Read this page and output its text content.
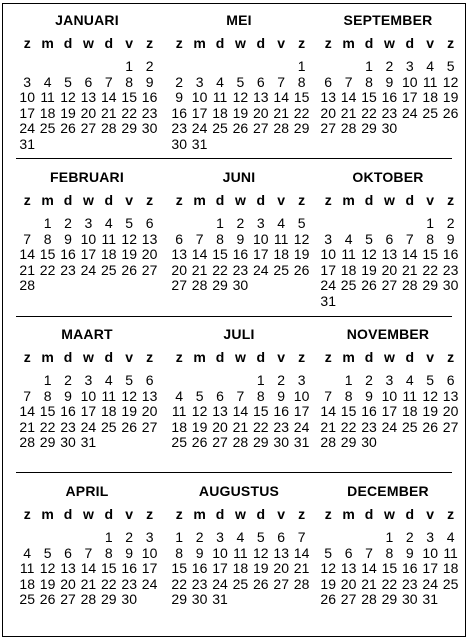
JANUARI
z m d w d v z
1 2
3 4 5 6 7 8 9
10 11 12 13 14 15 16
17 18 19 20 21 22 23
24 25 26 27 28 29 30
31
MEI
z m d w d v z
1
2 3 4 5 6 7 8
9 10 11 12 13 14 15
16 17 18 19 20 21 22
23 24 25 26 27 28 29
30 31
SEPTEMBER
z m d w d v z
1 2 3 4 5
6 7 8 9 10 11 12
13 14 15 16 17 18 19
20 21 22 23 24 25 26
27 28 29 30
FEBRUARI
z m d w d v z
1 2 3 4 5 6
7 8 9 10 11 12 13
14 15 16 17 18 19 20
21 22 23 24 25 26 27
28
JUNI
z m d w d v z
1 2 3 4 5
6 7 8 9 10 11 12
13 14 15 16 17 18 19
20 21 22 23 24 25 26
27 28 29 30
OKTOBER
z m d w d v z
1 2
3 4 5 6 7 8 9
10 11 12 13 14 15 16
17 18 19 20 21 22 23
24 25 26 27 28 29 30
31
MAART
z m d w d v z
1 2 3 4 5 6
7 8 9 10 11 12 13
14 15 16 17 18 19 20
21 22 23 24 25 26 27
28 29 30 31
JULI
z m d w d v z
1 2 3
4 5 6 7 8 9 10
11 12 13 14 15 16 17
18 19 20 21 22 23 24
25 26 27 28 29 30 31
NOVEMBER
z m d w d v z
1 2 3 4 5 6
7 8 9 10 11 12 13
14 15 16 17 18 19 20
21 22 23 24 25 26 27
28 29 30
APRIL
z m d w d v z
1 2 3
4 5 6 7 8 9 10
11 12 13 14 15 16 17
18 19 20 21 22 23 24
25 26 27 28 29 30
AUGUSTUS
z m d w d v z
1 2 3 4 5 6 7
8 9 10 11 12 13 14
15 16 17 18 19 20 21
22 23 24 25 26 27 28
29 30 31
DECEMBER
z m d w d v z
1 2 3 4
5 6 7 8 9 10 11
12 13 14 15 16 17 18
19 20 21 22 23 24 25
26 27 28 29 30 31
